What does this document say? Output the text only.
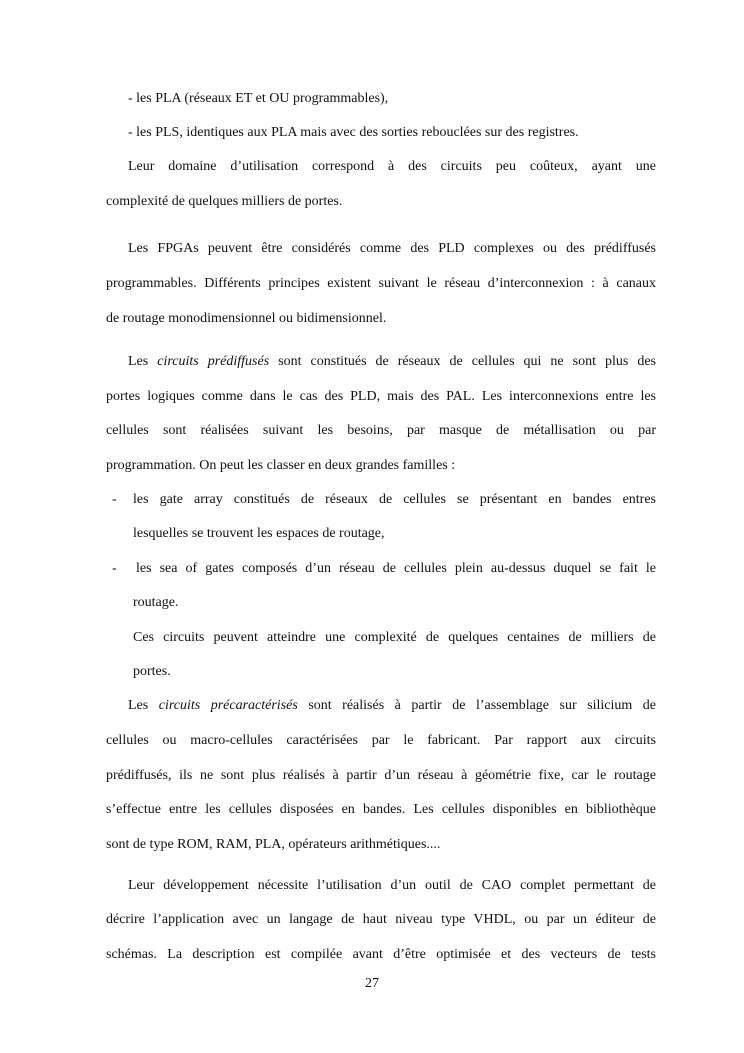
- les PLA (réseaux ET et OU programmables),
- les PLS, identiques aux PLA mais avec des sorties rebouclées sur des registres.
Leur domaine d’utilisation correspond à des circuits peu coûteux, ayant une
complexité de quelques milliers de portes.
Les FPGAs peuvent être considérés comme des PLD complexes ou des prédiffusés
programmables. Différents principes existent suivant le réseau d’interconnexion : à canaux
de routage monodimensionnel ou bidimensionnel.
Les circuits prédiffusés sont constitués de réseaux de cellules qui ne sont plus des
portes logiques comme dans le cas des PLD, mais des PAL. Les interconnexions entre les
cellules sont réalisées suivant les besoins, par masque de métallisation ou par
programmation. On peut les classer en deux grandes familles :
- les gate array constitués de réseaux de cellules se présentant en bandes entres
lesquelles se trouvent les espaces de routage,
- les sea of gates composés d’un réseau de cellules plein au-dessus duquel se fait le
routage.
Ces circuits peuvent atteindre une complexité de quelques centaines de milliers de
portes.
Les circuits précaractérisés sont réalisés à partir de l’assemblage sur silicium de
cellules ou macro-cellules caractérisées par le fabricant. Par rapport aux circuits
prédiffusés, ils ne sont plus réalisés à partir d’un réseau à géométrie fixe, car le routage
s’effectue entre les cellules disposées en bandes. Les cellules disponibles en bibliothèque
sont de type ROM, RAM, PLA, opérateurs arithmétiques....
Leur développement nécessite l’utilisation d’un outil de CAO complet permettant de
décrire l’application avec un langage de haut niveau type VHDL, ou par un éditeur de
schémas. La description est compilée avant d’être optimisée et des vecteurs de tests
27
